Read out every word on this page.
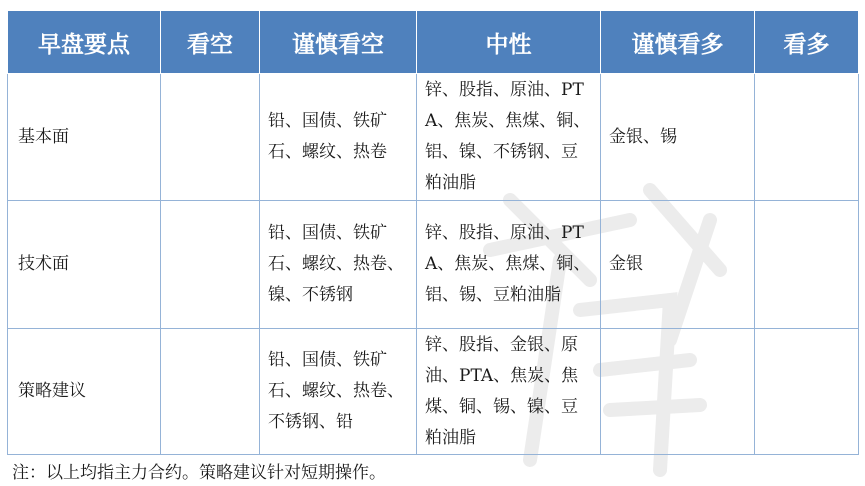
早盘要点	看空	谨慎看空	中性	谨慎看多	看多
基本面		铅、国债、铁矿石、螺纹、热卷	锌、股指、原油、PTA、焦炭、焦煤、铜、铝、镍、不锈钢、豆粕油脂	金银、锡	
技术面		铅、国债、铁矿石、螺纹、热卷、镍、不锈钢	锌、股指、原油、PTA、焦炭、焦煤、铜、铝、锡、豆粕油脂	金银	
策略建议		铅、国债、铁矿石、螺纹、热卷、不锈钢、铅	锌、股指、金银、原油、PTA、焦炭、焦煤、铜、锡、镍、豆粕油脂		
注：以上均指主力合约。策略建议针对短期操作。
